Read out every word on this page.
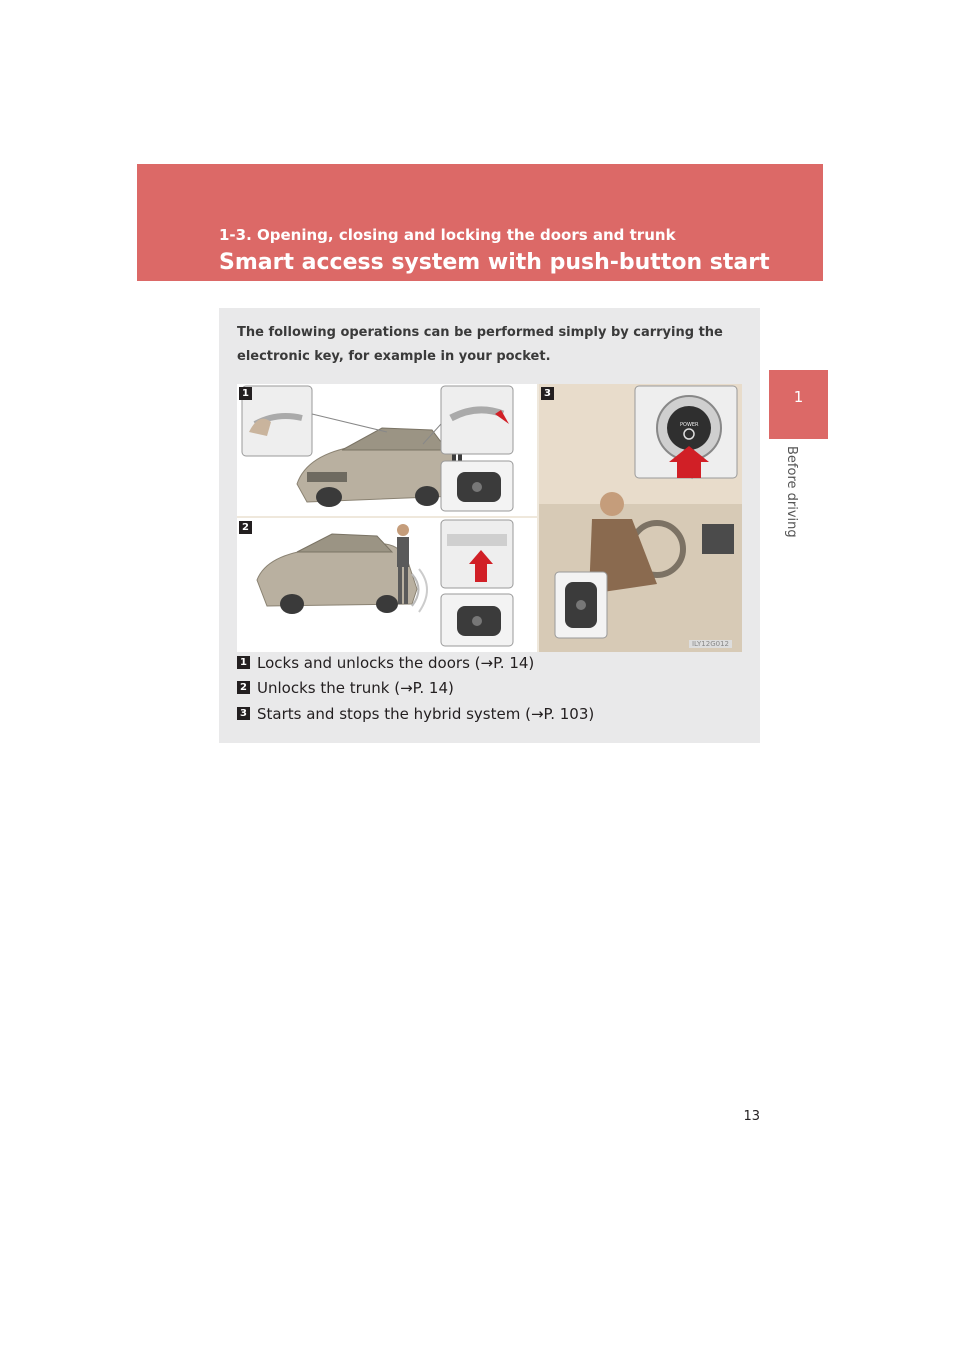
1-3. Opening, closing and locking the doors and trunk
Smart access system with push-button start
1
Before driving
The following operations can be performed simply by carrying the electronic key, for example in your pocket.
1
2
3
POWER
ILY12G012
1 Locks and unlocks the doors (→P. 14)
2 Unlocks the trunk (→P. 14)
3 Starts and stops the hybrid system (→P. 103)
13
